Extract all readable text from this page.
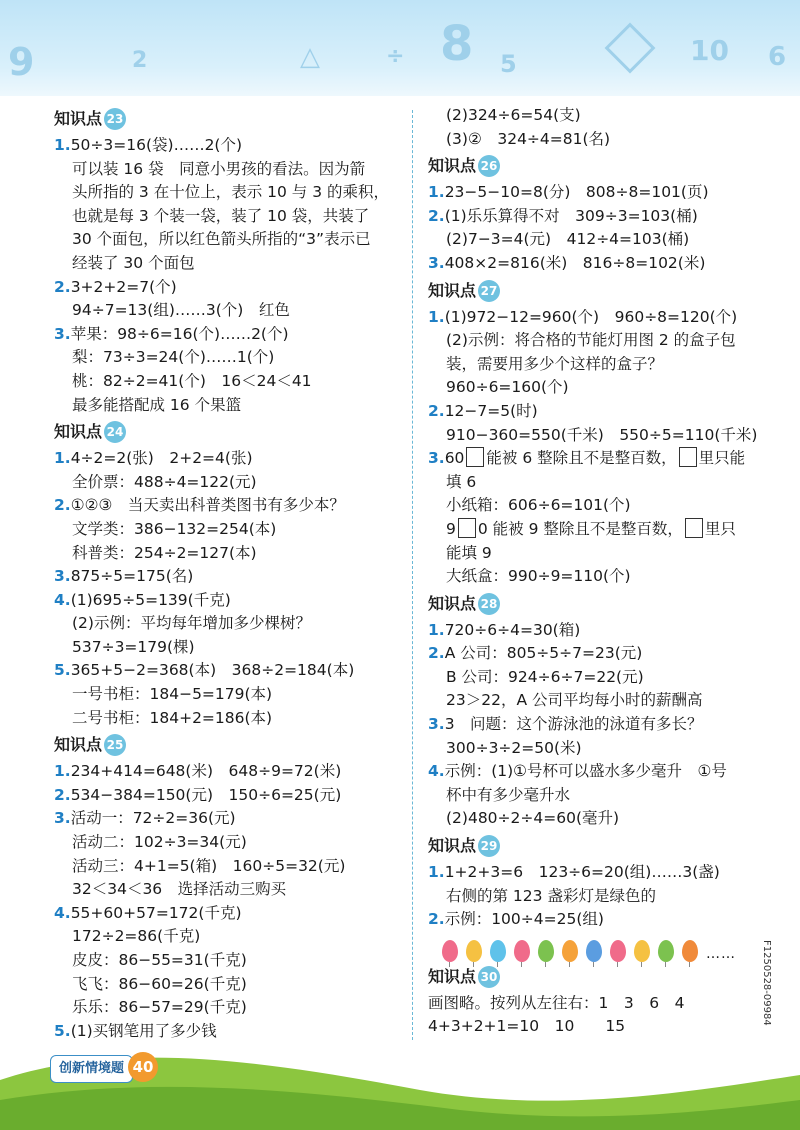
9	2	△	÷ 8 5	10 6
知识点 23
1.50÷3=16(袋)……2(个)
可以装 16 袋　同意小男孩的看法。因为箭
头所指的 3 在十位上，表示 10 与 3 的乘积，
也就是每 3 个装一袋，装了 10 袋，共装了
30 个面包，所以红色箭头所指的“3”表示已
经装了 30 个面包
2.3+2+2=7(个)
94÷7=13(组)……3(个)　红色
3.苹果：98÷6=16(个)……2(个)
梨：73÷3=24(个)……1(个)
桃：82÷2=41(个)　16＜24＜41
最多能搭配成 16 个果篮
知识点 24
1.4÷2=2(张)　2+2=4(张)
全价票：488÷4=122(元)
2.①②③　当天卖出科普类图书有多少本？
文学类：386−132=254(本)
科普类：254÷2=127(本)
3.875÷5=175(名)
4.(1)695÷5=139(千克)
(2)示例：平均每年增加多少棵树？
537÷3=179(棵)
5.365+5−2=368(本)　368÷2=184(本)
一号书柜：184−5=179(本)
二号书柜：184+2=186(本)
知识点 25
1.234+414=648(米)　648÷9=72(米)
2.534−384=150(元)　150÷6=25(元)
3.活动一：72÷2=36(元)
活动二：102÷3=34(元)
活动三：4+1=5(箱)　160÷5=32(元)
32＜34＜36　选择活动三购买
4.55+60+57=172(千克)
172÷2=86(千克)
皮皮：86−55=31(千克)
飞飞：86−60=26(千克)
乐乐：86−57=29(千克)
5.(1)买钢笔用了多少钱
(2)324÷6=54(支)
(3)②　324÷4=81(名)
知识点 26
1.23−5−10=8(分)　808÷8=101(页)
2.(1)乐乐算得不对　309÷3=103(桶)
(2)7−3=4(元)　412÷4=103(桶)
3.408×2=816(米)　816÷8=102(米)
知识点 27
1.(1)972−12=960(个)　960÷8=120(个)
(2)示例：将合格的节能灯用图 2 的盒子包
装，需要用多少个这样的盒子？
960÷6=160(个)
2.12−7=5(时)
910−360=550(千米)　550÷5=110(千米)
3.60 能被 6 整除且不是整百数， 里只能
填 6
小纸箱：606÷6=101(个)
9 0 能被 9 整除且不是整百数， 里只
能填 9
大纸盒：990÷9=110(个)
知识点 28
1.720÷6÷4=30(箱)
2.A 公司：805÷5÷7=23(元)
B 公司：924÷6÷7=22(元)
23＞22，A 公司平均每小时的薪酬高
3.3　问题：这个游泳池的泳道有多长？
300÷3÷2=50(米)
4.示例：(1)①号杯可以盛水多少毫升　①号
杯中有多少毫升水
(2)480÷2÷4=60(毫升)
知识点 29
1.1+2+3=6　123÷6=20(组)……3(盏)
右侧的第 123 盏彩灯是绿色的
2.示例：100÷4=25(组)
……
知识点 30
画图略。按列从左往右：1　3　6　4
4+3+2+1=10　10　　15
创新情境题 40
F1250528-09984
